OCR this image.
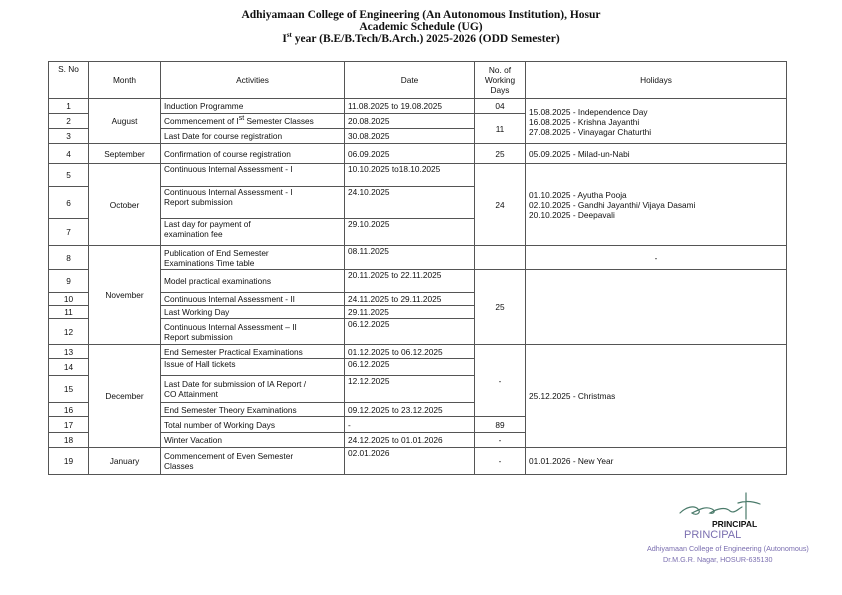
Adhiyamaan College of Engineering (An Autonomous Institution), Hosur
Academic Schedule (UG)
Ist year (B.E/B.Tech/B.Arch.) 2025-2026 (ODD Semester)
S. No	Month	Activities	Date	No. of
Working
Days	Holidays
1	August	Induction Programme	11.08.2025 to 19.08.2025	04	15.08.2025 - Independence Day
16.08.2025 - Krishna Jayanthi
27.08.2025 - Vinayagar Chaturthi
2		Commencement of Ist Semester Classes	20.08.2025	11	
3		Last Date for course registration	30.08.2025		
4	September	Confirmation of course registration	06.09.2025	25	05.09.2025 - Milad-un-Nabi
5	October	Continuous Internal Assessment - I	10.10.2025 to18.10.2025	24	01.10.2025 - Ayutha Pooja
02.10.2025 - Gandhi Jayanthi/ Vijaya Dasami
20.10.2025 - Deepavali
6		Continuous Internal Assessment - I
Report submission	24.10.2025		
7		Last day for payment of
examination fee	29.10.2025		
8	November	Publication of End Semester
Examinations Time table	08.11.2025		-
9		Model practical examinations	20.11.2025 to 22.11.2025	25	
10		Continuous Internal Assessment - II	24.11.2025 to 29.11.2025		
11		Last Working Day	29.11.2025		
12		Continuous Internal Assessment – II
Report submission	06.12.2025		
13	December	End Semester Practical Examinations	01.12.2025 to 06.12.2025	-	25.12.2025 - Christmas
14		Issue of Hall tickets	06.12.2025		
15		Last Date for submission of IA Report /
CO Attainment	12.12.2025		
16		End Semester Theory Examinations	09.12.2025 to 23.12.2025		
17		Total number of Working Days	-	89	
18		Winter Vacation	24.12.2025 to 01.01.2026	-	
19	January	Commencement of Even Semester
Classes	02.01.2026	-	01.01.2026 - New Year
PRINCIPAL
PRINCIPAL
Adhiyamaan College of Engineering (Autonomous)
Dr.M.G.R. Nagar, HOSUR-635130
